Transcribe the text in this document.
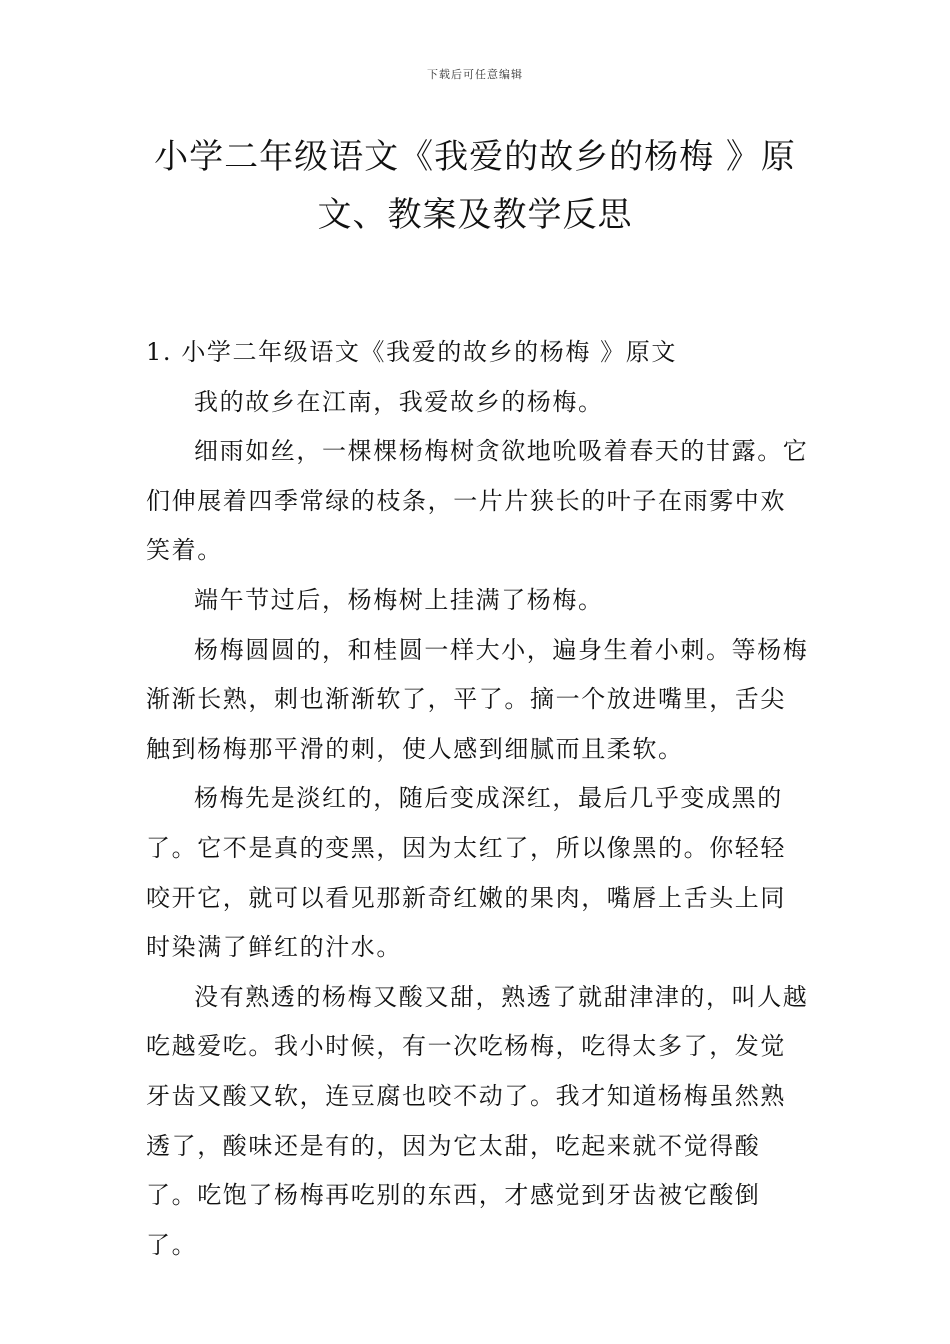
下载后可任意编辑
小学二年级语文《我爱的故乡的杨梅 》原
文、教案及教学反思

1. 小学二年级语文《我爱的故乡的杨梅 》原文

我的故乡在江南，我爱故乡的杨梅。

细雨如丝，一棵棵杨梅树贪欲地吮吸着春天的甘露。它们伸展着四季常绿的枝条，一片片狭长的叶子在雨雾中欢笑着。

端午节过后，杨梅树上挂满了杨梅。

杨梅圆圆的，和桂圆一样大小，遍身生着小刺。等杨梅渐渐长熟，刺也渐渐软了，平了。摘一个放进嘴里，舌尖触到杨梅那平滑的刺，使人感到细腻而且柔软。

杨梅先是淡红的，随后变成深红，最后几乎变成黑的了。它不是真的变黑，因为太红了，所以像黑的。你轻轻咬开它，就可以看见那新奇红嫩的果肉，嘴唇上舌头上同时染满了鲜红的汁水。

没有熟透的杨梅又酸又甜，熟透了就甜津津的，叫人越吃越爱吃。我小时候，有一次吃杨梅，吃得太多了，发觉牙齿又酸又软，连豆腐也咬不动了。我才知道杨梅虽然熟透了，酸味还是有的，因为它太甜，吃起来就不觉得酸了。吃饱了杨梅再吃别的东西，才感觉到牙齿被它酸倒了。
